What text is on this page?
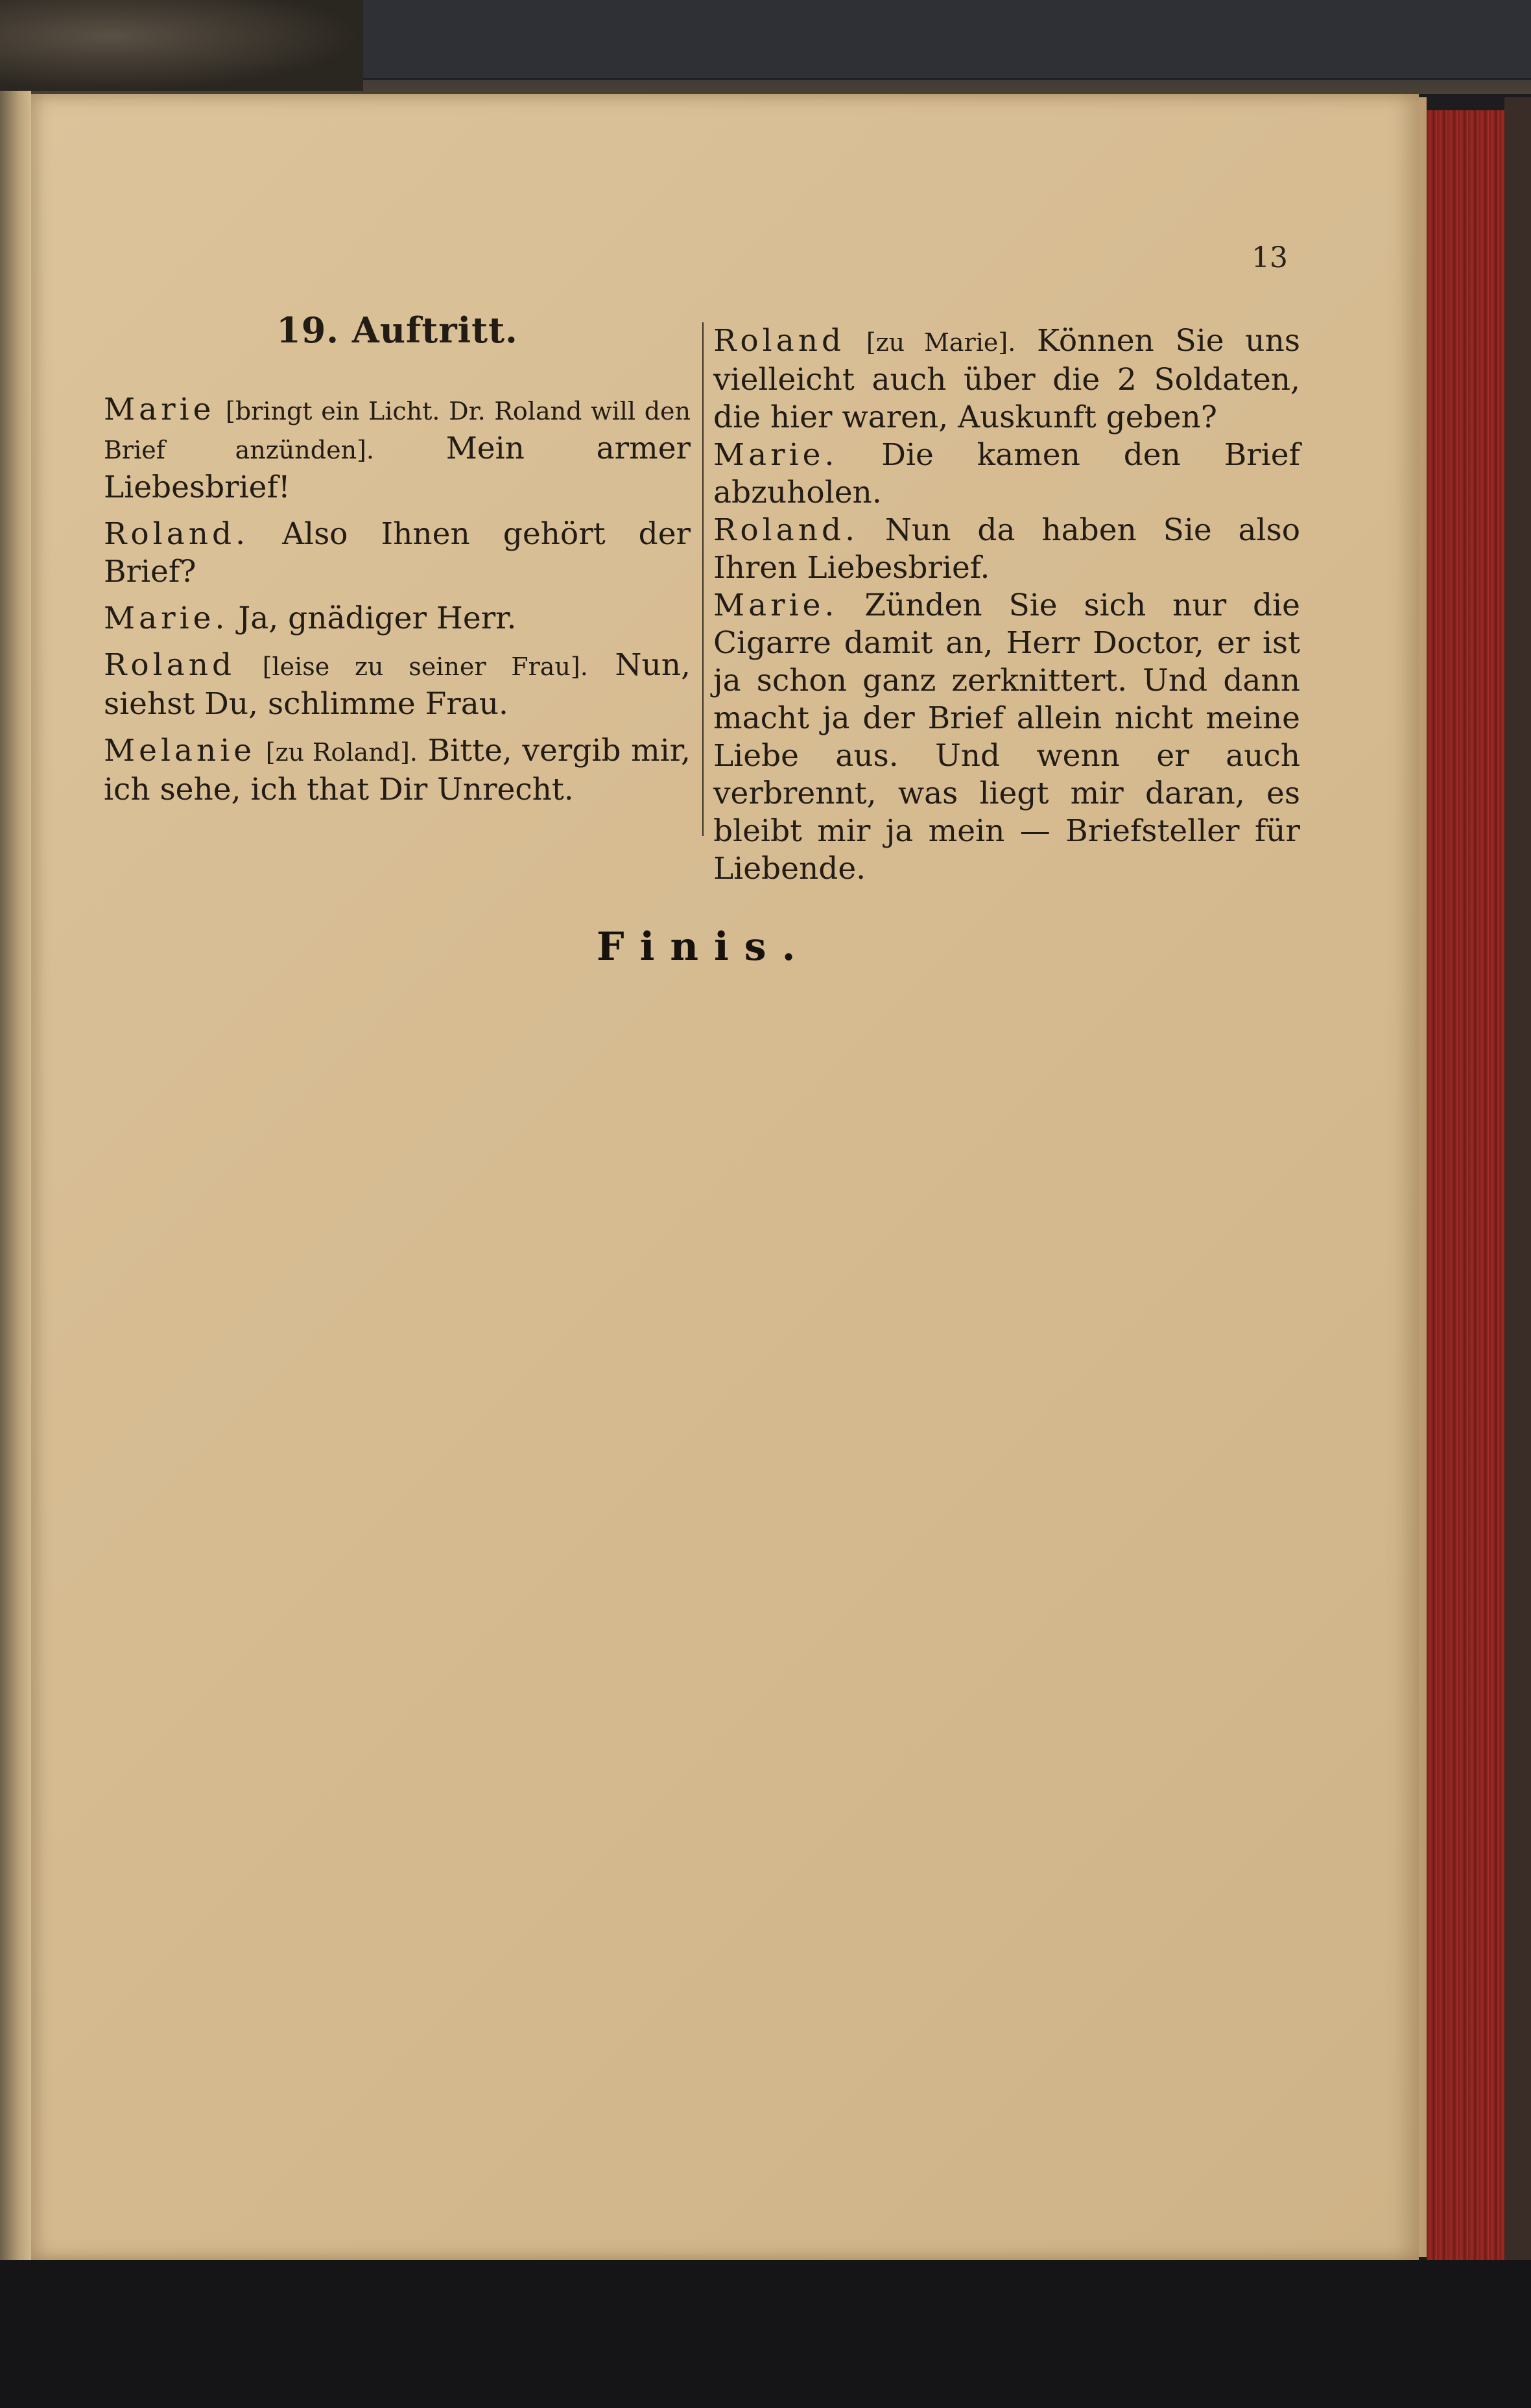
13
19. Auftritt.

Marie [bringt ein Licht. Dr. Roland will den Brief anzünden]. Mein armer Liebesbrief!

Roland. Also Ihnen gehört der Brief?

Marie. Ja, gnädiger Herr.

Roland [leise zu seiner Frau]. Nun, siehst Du, schlimme Frau.

Melanie [zu Roland]. Bitte, vergib mir, ich sehe, ich that Dir Unrecht.

Roland [zu Marie]. Können Sie uns vielleicht auch über die 2 Soldaten, die hier waren, Auskunft geben?

Marie. Die kamen den Brief abzuholen.

Roland. Nun da haben Sie also Ihren Liebesbrief.

Marie. Zünden Sie sich nur die Cigarre damit an, Herr Doctor, er ist ja schon ganz zerknittert. Und dann macht ja der Brief allein nicht meine Liebe aus. Und wenn er auch verbrennt, was liegt mir daran, es bleibt mir ja mein — Briefsteller für Liebende.

Finis.
